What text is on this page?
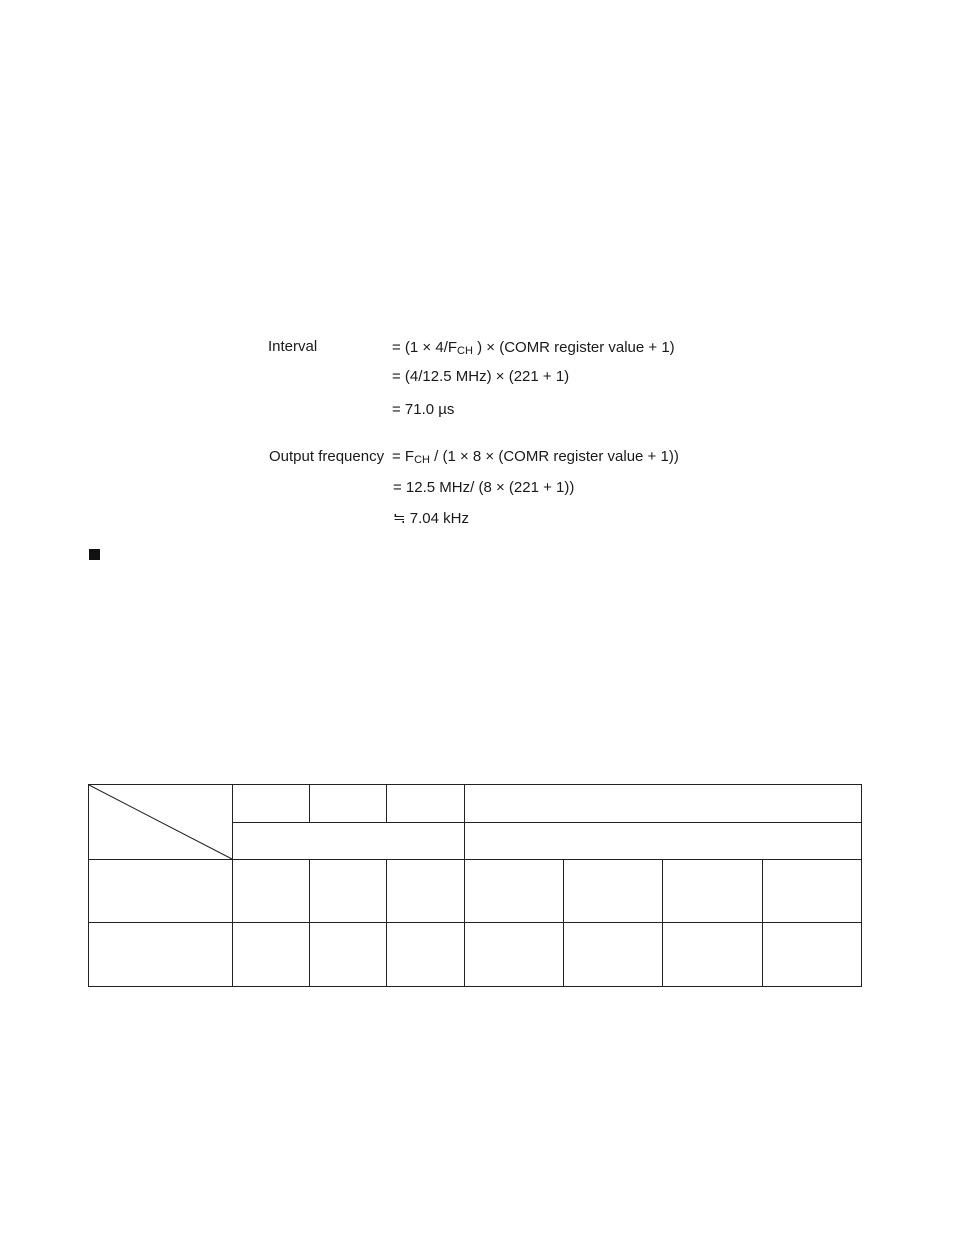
Interval	= (1 × 4/FCH ) × (COMR register value + 1)
= (4/12.5 MHz) × (221 + 1)
= 71.0 µs
Output frequency = FCH / (1 × 8 × (COMR register value + 1))
= 12.5 MHz/ (8 × (221 + 1))
≒ 7.04 kHz
